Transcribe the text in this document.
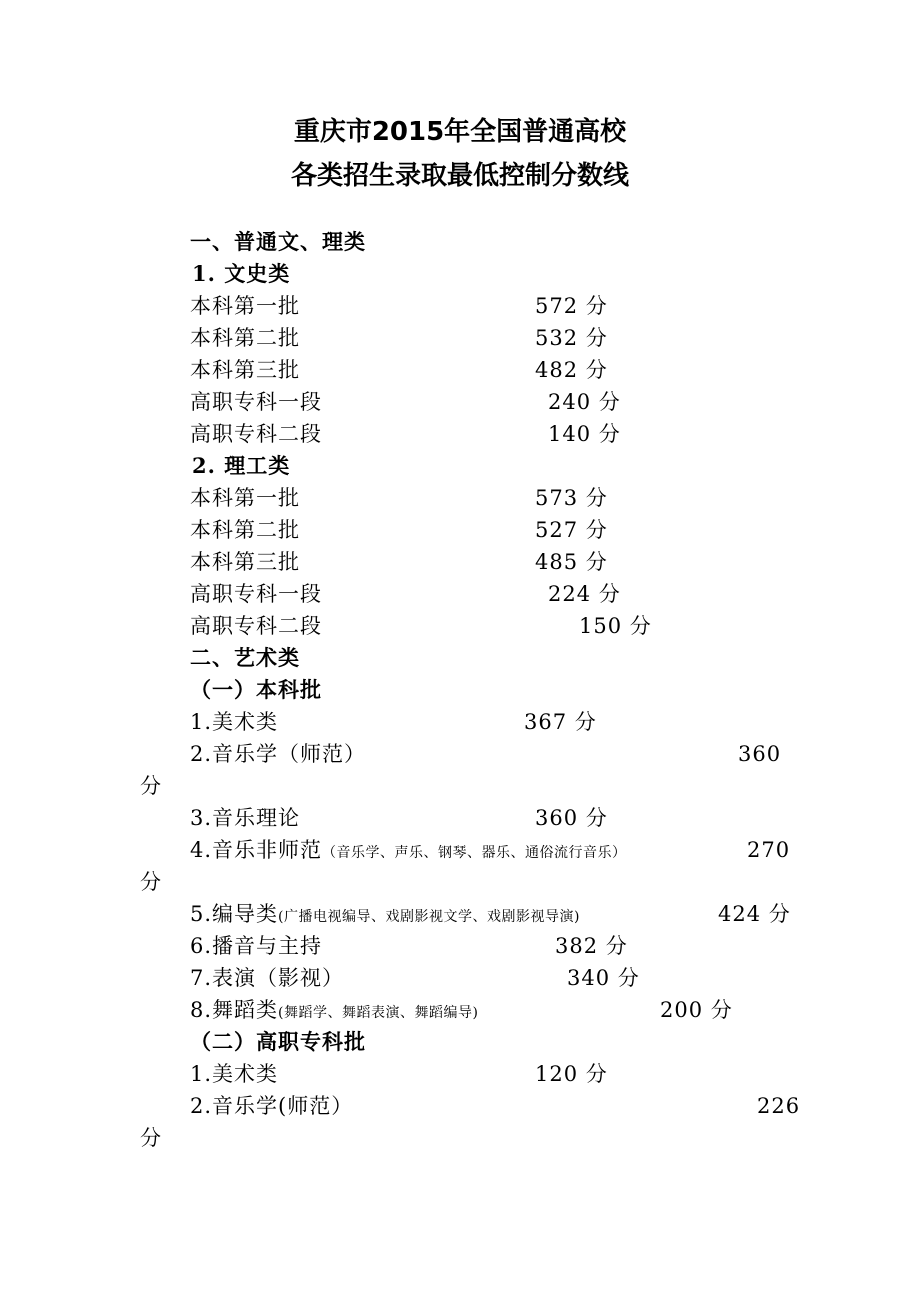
重庆市2015年全国普通高校
各类招生录取最低控制分数线
一、普通文、理类
1. 文史类
本科第一批	572 分
本科第二批	532 分
本科第三批	482 分
高职专科一段	240 分
高职专科二段	140 分
2. 理工类
本科第一批	573 分
本科第二批	527 分
本科第三批	485 分
高职专科一段	224 分
高职专科二段	150 分
二、艺术类
（一）本科批
1.美术类	367 分
2.音乐学（师范）	360
分
3.音乐理论	360 分
4.音乐非师范（音乐学、声乐、钢琴、器乐、通俗流行音乐）	270
分
5.编导类(广播电视编导、戏剧影视文学、戏剧影视导演)	424 分
6.播音与主持	382 分
7.表演（影视）	340 分
8.舞蹈类(舞蹈学、舞蹈表演、舞蹈编导)	200 分
（二）高职专科批
1.美术类	120 分
2.音乐学(师范）	226
分
